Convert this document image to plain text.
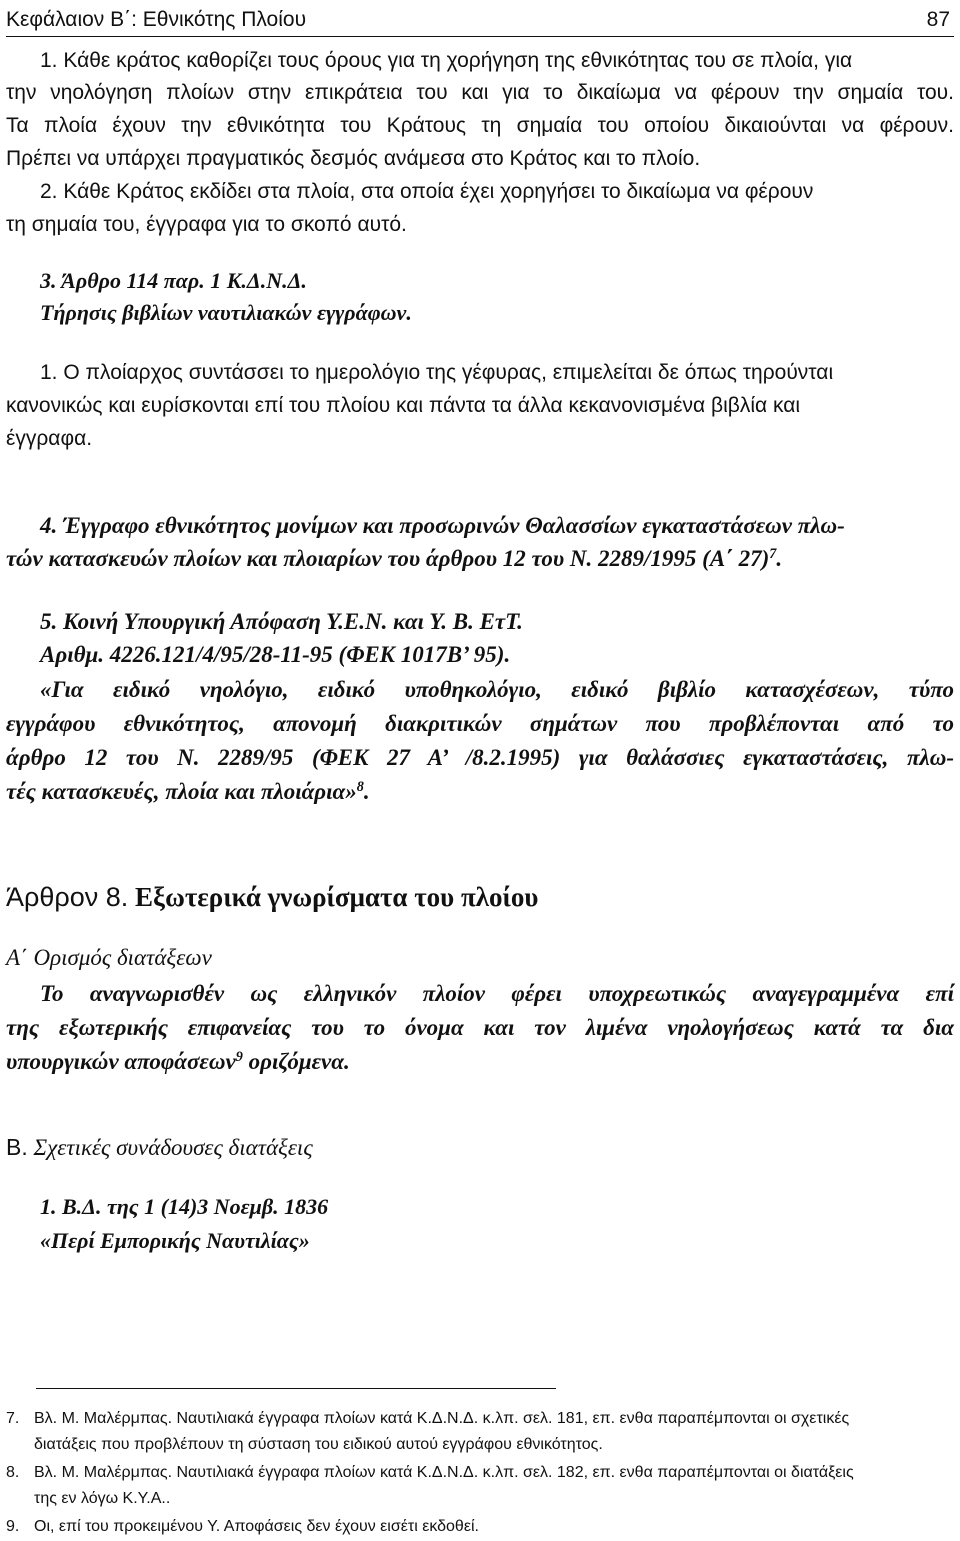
Κεφάλαιον Β΄: Εθνικότης Πλοίου	87
1. Κάθε κράτος καθορίζει τους όρους για τη χορήγηση της εθνικότητας του σε πλοία, για
την νηολόγηση πλοίων στην επικράτεια του και για το δικαίωμα να φέρουν την σημαία του.
Τα πλοία έχουν την εθνικότητα του Κράτους τη σημαία του οποίου δικαιούνται να φέρουν.
Πρέπει να υπάρχει πραγματικός δεσμός ανάμεσα στο Κράτος και το πλοίο.
2. Κάθε Κράτος εκδίδει στα πλοία, στα οποία έχει χορηγήσει το δικαίωμα να φέρουν
τη σημαία του, έγγραφα για το σκοπό αυτό.
3. Άρθρο 114 παρ. 1 Κ.Δ.Ν.Δ.
Τήρησις βιβλίων ναυτιλιακών εγγράφων.
1. Ο πλοίαρχος συντάσσει το ημερολόγιο της γέφυρας, επιμελείται δε όπως τηρούνται
κανονικώς και ευρίσκονται επί του πλοίου και πάντα τα άλλα κεκανονισμένα βιβλία και
έγγραφα.
4. Έγγραφο εθνικότητος μονίμων και προσωρινών Θαλασσίων εγκαταστάσεων πλω-
τών κατασκευών πλοίων και πλοιαρίων του άρθρου 12 του Ν. 2289/1995 (Α΄ 27)$^7$.
5. Κοινή Υπουργική Απόφαση Υ.Ε.Ν. και Υ. Β. ΕτΤ.
Αριθμ. 4226.121/4/95/28-11-95 (ΦΕΚ 1017Β’ 95).
«Για ειδικό νηολόγιο, ειδικό υποθηκολόγιο, ειδικό βιβλίο κατασχέσεων, τύπο
εγγράφου εθνικότητος, απονομή διακριτικών σημάτων που προβλέπονται από το
άρθρο 12 του Ν. 2289/95 (ΦΕΚ 27 Α’ /8.2.1995) για θαλάσσιες εγκαταστάσεις, πλω-
τές κατασκευές, πλοία και πλοιάρια»$^8$.
Άρθρον 8. Εξωτερικά γνωρίσματα του πλοίου
Α΄ Ορισμός διατάξεων
Το αναγνωρισθέν ως ελληνικόν πλοίον φέρει υποχρεωτικώς αναγεγραμμένα επί
της εξωτερικής επιφανείας του το όνομα και τον λιμένα νηολογήσεως κατά τα δια
υπουργικών αποφάσεων$^9$ οριζόμενα.
Β. Σχετικές συνάδουσες διατάξεις
1. Β.Δ. της 1 (14)3 Νοεμβ. 1836
«Περί Εμπορικής Ναυτιλίας»
7. Βλ. Μ. Μαλέρμπας. Ναυτιλιακά έγγραφα πλοίων κατά Κ.Δ.Ν.Δ. κ.λπ. σελ. 181, επ. ενθα παραπέμπονται οι σχετικές
διατάξεις που προβλέπουν τη σύσταση του ειδικού αυτού εγγράφου εθνικότητος.
8. Βλ. Μ. Μαλέρμπας. Ναυτιλιακά έγγραφα πλοίων κατά Κ.Δ.Ν.Δ. κ.λπ. σελ. 182, επ. ενθα παραπέμπονται οι διατάξεις
της εν λόγω Κ.Υ.Α..
9. Οι, επί του προκειμένου Υ. Αποφάσεις δεν έχουν εισέτι εκδοθεί.
